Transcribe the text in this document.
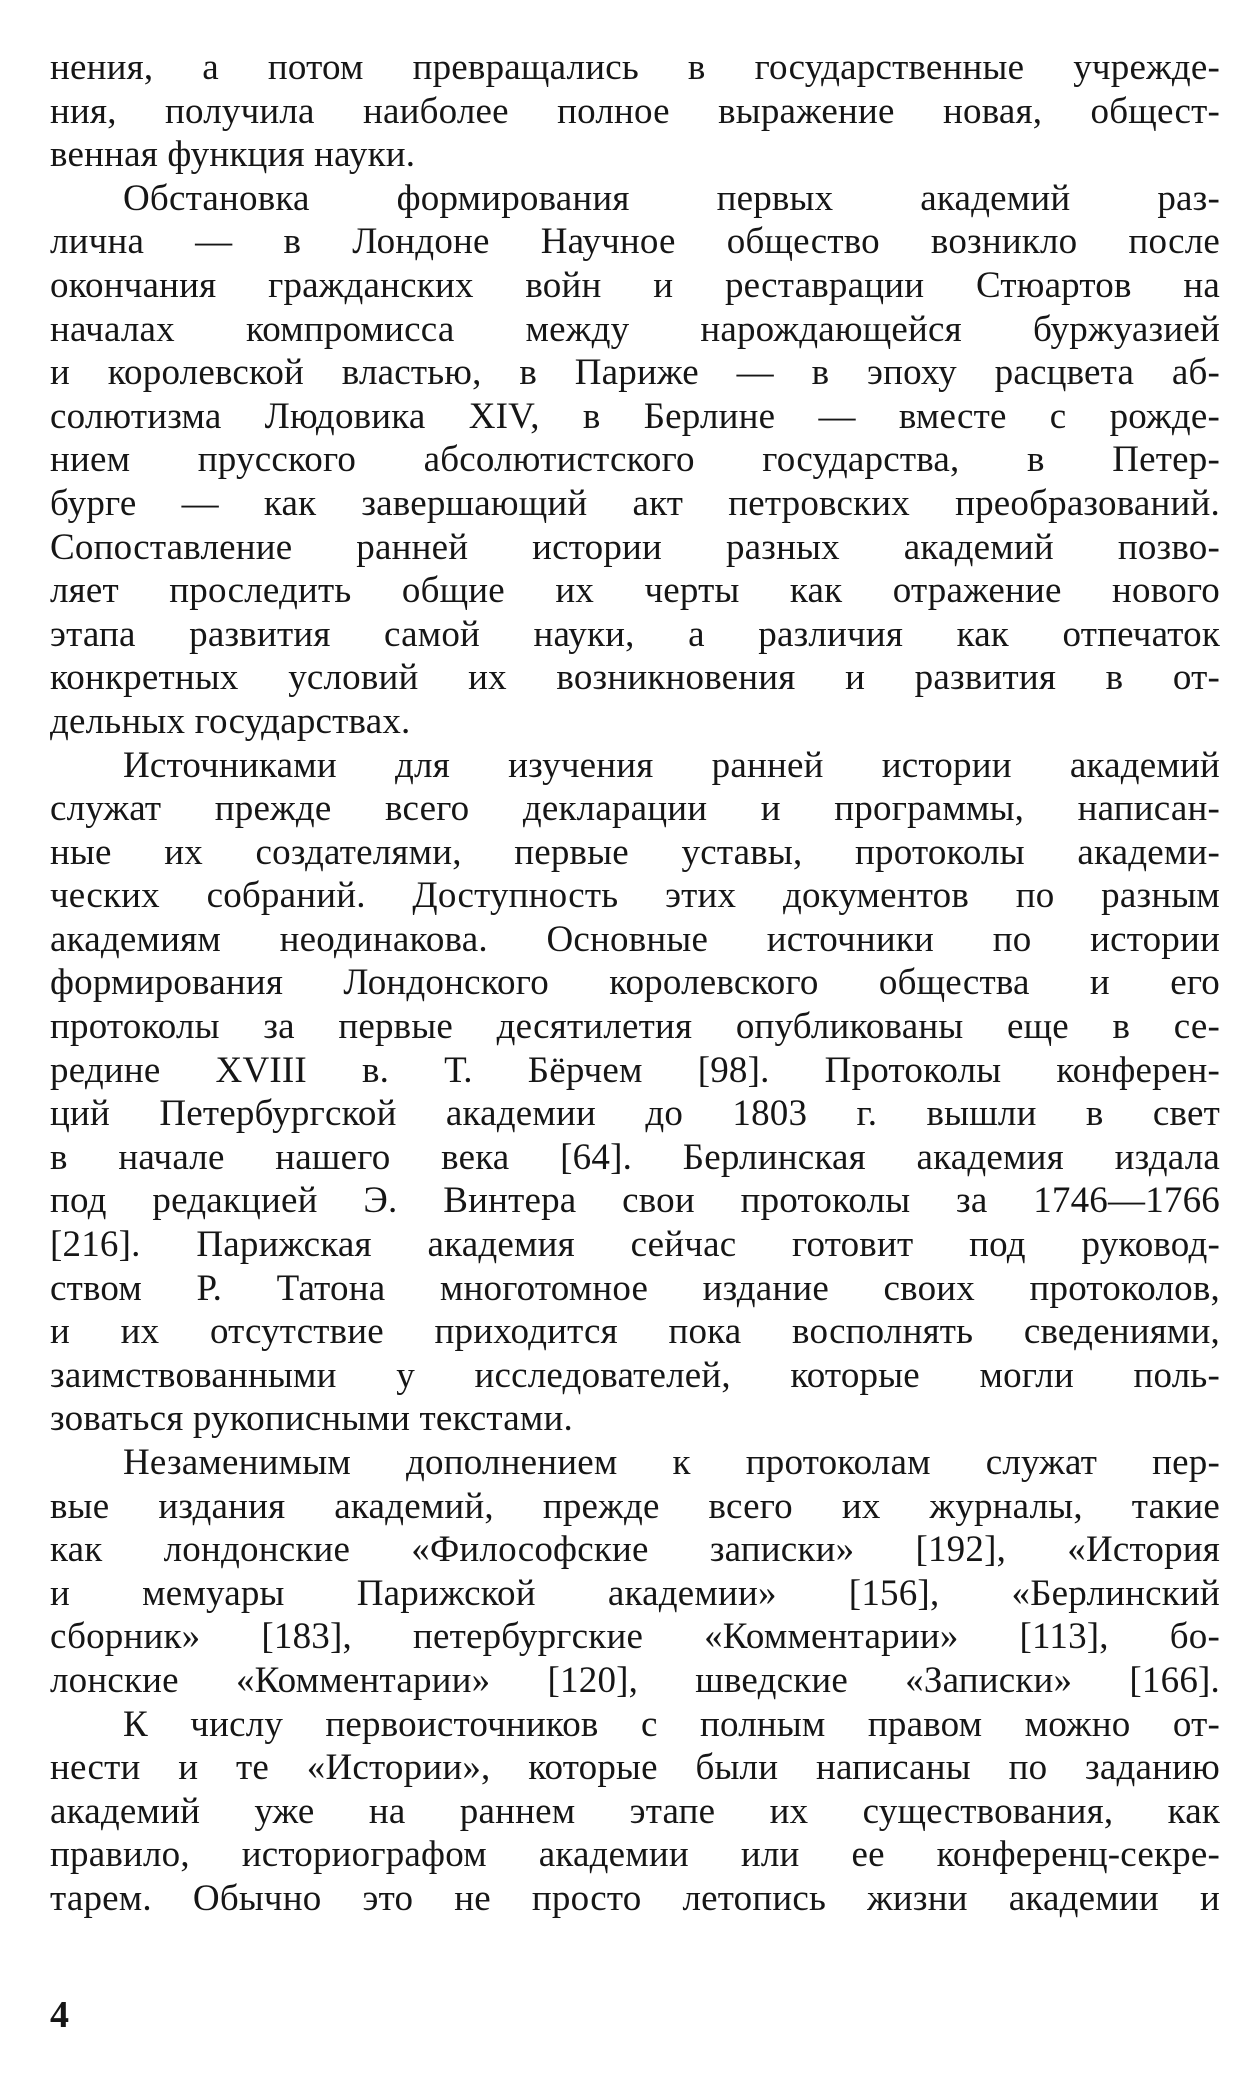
нения, а потом превращались в государственные учрежде-
ния, получила наиболее полное выражение новая, общест-
венная функция науки.
Обстановка формирования первых академий раз-
лична — в Лондоне Научное общество возникло после
окончания гражданских войн и реставрации Стюартов на
началах компромисса между нарождающейся буржуазией
и королевской властью, в Париже — в эпоху расцвета аб-
солютизма Людовика XIV, в Берлине — вместе с рожде-
нием прусского абсолютистского государства, в Петер-
бурге — как завершающий акт петровских преобразований.
Сопоставление ранней истории разных академий позво-
ляет проследить общие их черты как отражение нового
этапа развития самой науки, а различия как отпечаток
конкретных условий их возникновения и развития в от-
дельных государствах.
Источниками для изучения ранней истории академий
служат прежде всего декларации и программы, написан-
ные их создателями, первые уставы, протоколы академи-
ческих собраний. Доступность этих документов по разным
академиям неодинакова. Основные источники по истории
формирования Лондонского королевского общества и его
протоколы за первые десятилетия опубликованы еще в се-
редине XVIII в. Т. Бёрчем [98]. Протоколы конферен-
ций Петербургской академии до 1803 г. вышли в свет
в начале нашего века [64]. Берлинская академия издала
под редакцией Э. Винтера свои протоколы за 1746—1766
[216]. Парижская академия сейчас готовит под руковод-
ством Р. Татона многотомное издание своих протоколов,
и их отсутствие приходится пока восполнять сведениями,
заимствованными у исследователей, которые могли поль-
зоваться рукописными текстами.
Незаменимым дополнением к протоколам служат пер-
вые издания академий, прежде всего их журналы, такие
как лондонские «Философские записки» [192], «История
и мемуары Парижской академии» [156], «Берлинский
сборник» [183], петербургские «Комментарии» [113], бо-
лонские «Комментарии» [120], шведские «Записки» [166].
К числу первоисточников с полным правом можно от-
нести и те «Истории», которые были написаны по заданию
академий уже на раннем этапе их существования, как
правило, историографом академии или ее конференц-секре-
тарем. Обычно это не просто летопись жизни академии и
4
